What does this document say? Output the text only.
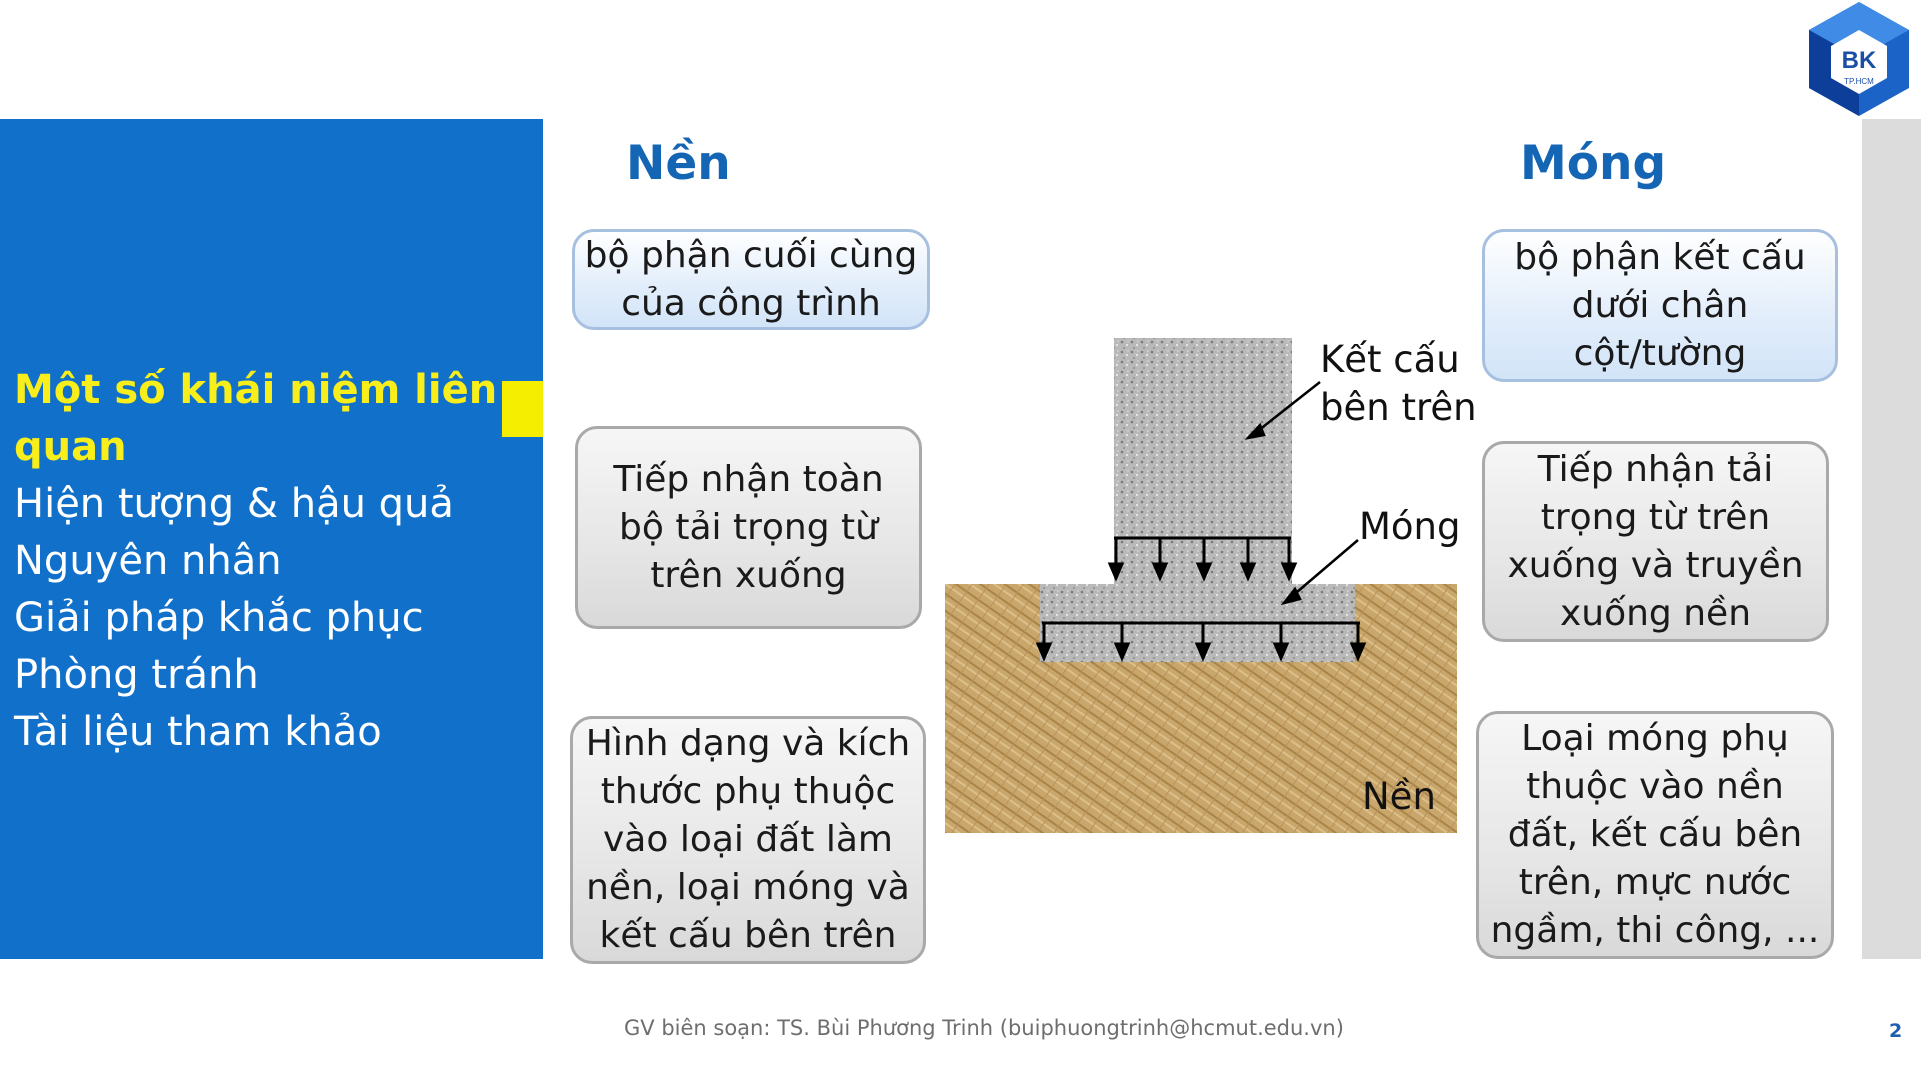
Một số khái niệm liên
quan
Hiện tượng & hậu quả
Nguyên nhân
Giải pháp khắc phục
Phòng tránh
Tài liệu tham khảo
BK
TP.HCM
Nền	Móng
bộ phận cuối cùng
của công trình
Tiếp nhận toàn
bộ tải trọng từ
trên xuống
Hình dạng và kích
thước phụ thuộc
vào loại đất làm
nền, loại móng và
kết cấu bên trên
bộ phận kết cấu
dưới chân
cột/tường
Tiếp nhận tải
trọng từ trên
xuống và truyền
xuống nền
Loại móng phụ
thuộc vào nền
đất, kết cấu bên
trên, mực nước
ngầm, thi công, ...
Kết cấu
bên trên
Móng
Nền
GV biên soạn: TS. Bùi Phương Trinh (buiphuongtrinh@hcmut.edu.vn)	2
